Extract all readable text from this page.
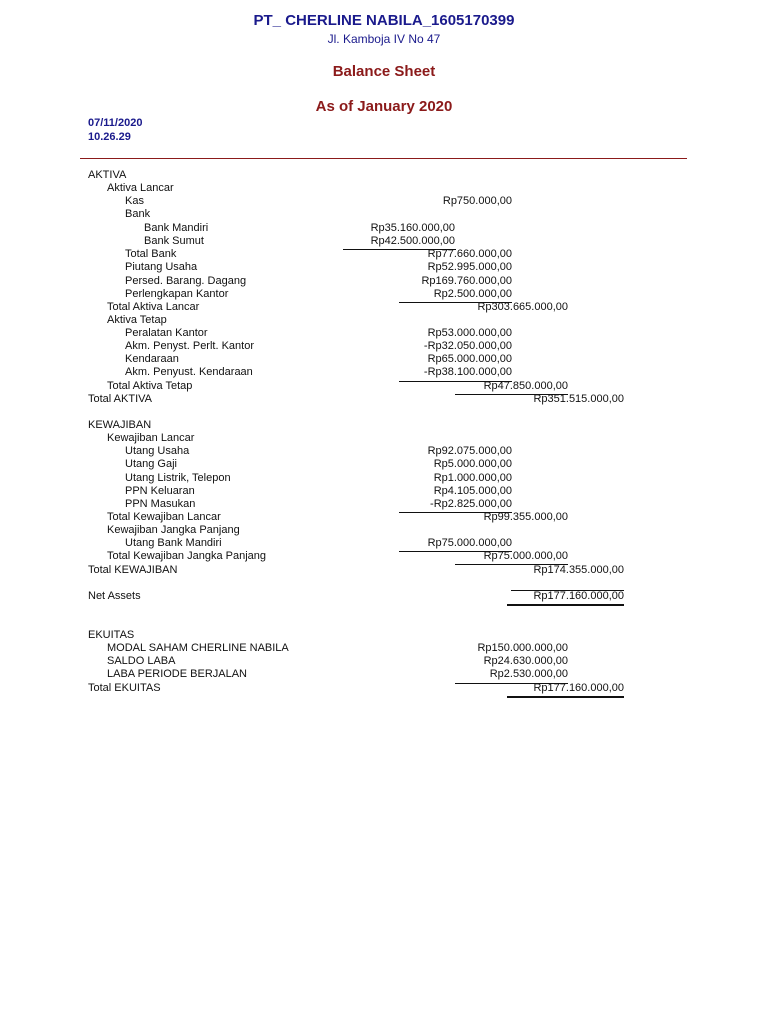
PT_ CHERLINE NABILA_1605170399
Jl. Kamboja IV No 47
Balance Sheet
As of January 2020
07/11/2020
10.26.29
AKTIVA
Aktiva Lancar
Kas	Rp750.000,00
Bank
Bank Mandiri	Rp35.160.000,00
Bank Sumut	Rp42.500.000,00
Total Bank	Rp77.660.000,00
Piutang Usaha	Rp52.995.000,00
Persed. Barang. Dagang	Rp169.760.000,00
Perlengkapan Kantor	Rp2.500.000,00
Total Aktiva Lancar	Rp303.665.000,00
Aktiva Tetap
Peralatan Kantor	Rp53.000.000,00
Akm. Penyst. Perlt. Kantor	-Rp32.050.000,00
Kendaraan	Rp65.000.000,00
Akm. Penyust. Kendaraan	-Rp38.100.000,00
Total Aktiva Tetap	Rp47.850.000,00
Total AKTIVA	Rp351.515.000,00
KEWAJIBAN
Kewajiban Lancar
Utang Usaha	Rp92.075.000,00
Utang Gaji	Rp5.000.000,00
Utang Listrik, Telepon	Rp1.000.000,00
PPN Keluaran	Rp4.105.000,00
PPN Masukan	-Rp2.825.000,00
Total Kewajiban Lancar	Rp99.355.000,00
Kewajiban Jangka Panjang
Utang Bank Mandiri	Rp75.000.000,00
Total Kewajiban Jangka Panjang	Rp75.000.000,00
Total KEWAJIBAN	Rp174.355.000,00
Net Assets	Rp177.160.000,00
EKUITAS
MODAL SAHAM CHERLINE NABILA	Rp150.000.000,00
SALDO LABA	Rp24.630.000,00
LABA PERIODE BERJALAN	Rp2.530.000,00
Total EKUITAS	Rp177.160.000,00
